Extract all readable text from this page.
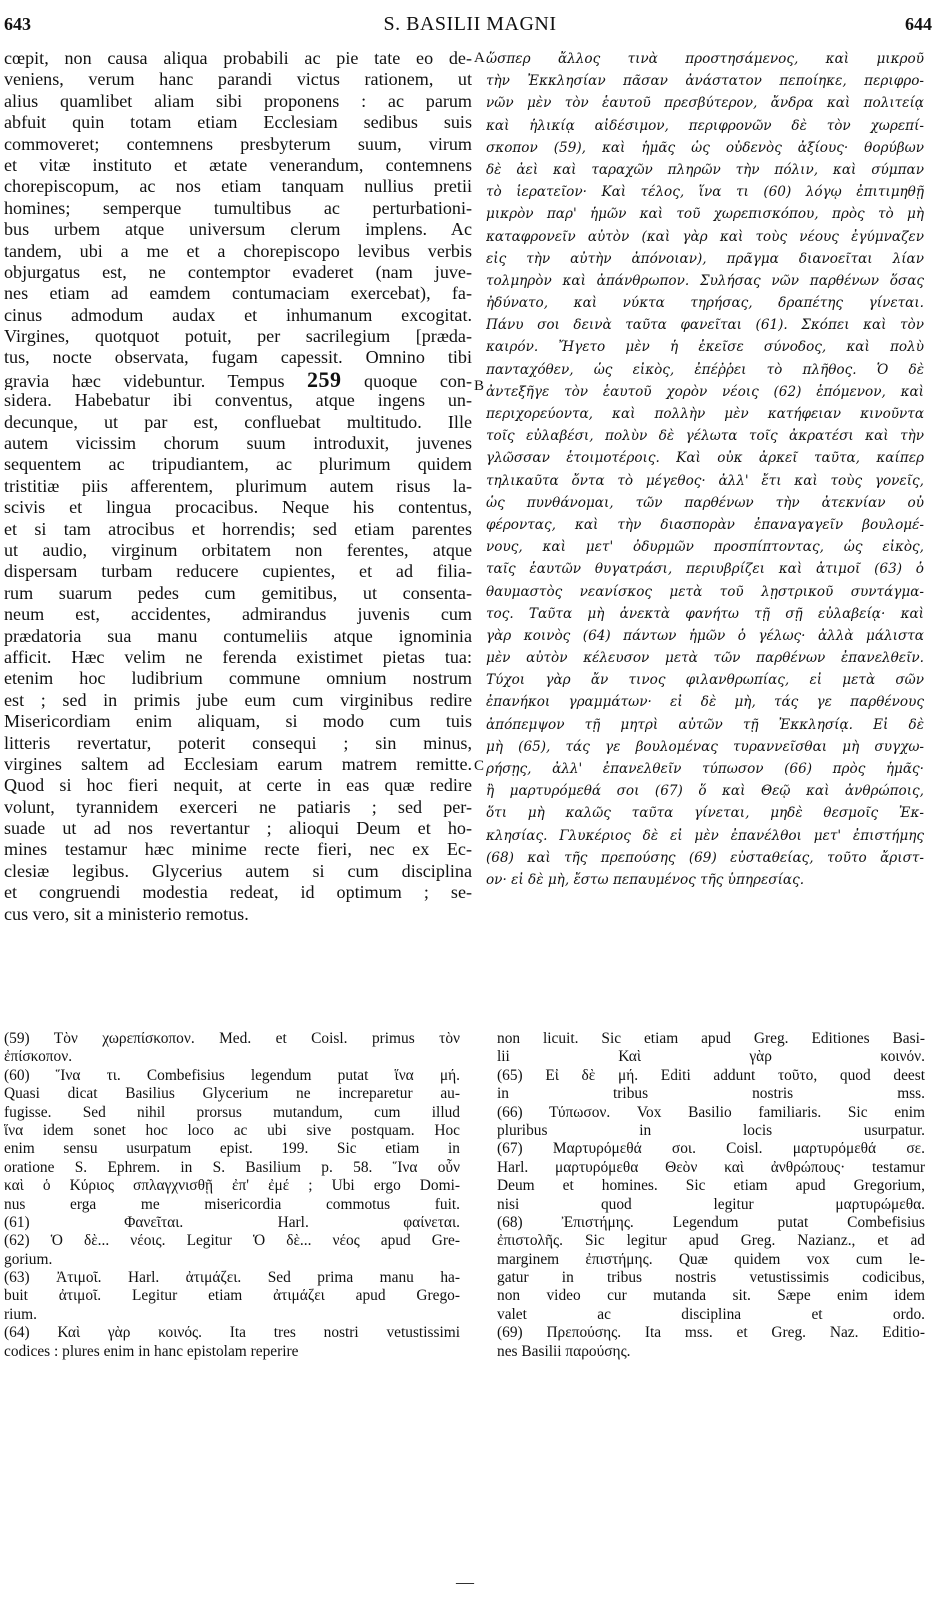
643	S. BASILII MAGNI	644
cœpit, non causa aliqua probabili ac pie tate eo de-
veniens, verum hanc parandi victus rationem, ut
alius quamlibet aliam sibi proponens : ac parum
abfuit quin totam etiam Ecclesiam sedibus suis
commoveret; contemnens presbyterum suum, virum
et vitæ instituto et ætate venerandum, contemnens
chorepiscopum, ac nos etiam tanquam nullius pretii
homines; semperque tumultibus ac perturbationi-
bus urbem atque universum clerum implens. Ac
tandem, ubi a me et a chorepiscopo levibus verbis
objurgatus est, ne contemptor evaderet (nam juve-
nes etiam ad eamdem contumaciam exercebat), fa-
cinus admodum audax et inhumanum excogitat.
Virgines, quotquot potuit, per sacrilegium [præda-
tus, nocte observata, fugam capessit. Omnino tibi
gravia hæc videbuntur. Tempus 259 quoque con-
sidera. Habebatur ibi conventus, atque ingens un-
decunque, ut par est, confluebat multitudo. Ille
autem vicissim chorum suum introduxit, juvenes
sequentem ac tripudiantem, ac plurimum quidem
tristitiæ piis afferentem, plurimum autem risus la-
scivis et lingua procacibus. Neque his contentus,
et si tam atrocibus et horrendis; sed etiam parentes
ut audio, virginum orbitatem non ferentes, atque
dispersam turbam reducere cupientes, et ad filia-
rum suarum pedes cum gemitibus, ut consenta-
neum est, accidentes, admirandus juvenis cum
prædatoria sua manu contumeliis atque ignominia
afficit. Hæc velim ne ferenda existimet pietas tua:
etenim hoc ludibrium commune omnium nostrum
est ; sed in primis jube eum cum virginibus redire
Misericordiam enim aliquam, si modo cum tuis
litteris revertatur, poterit consequi ; sin minus,
virgines saltem ad Ecclesiam earum matrem remitte.
Quod si hoc fieri nequit, at certe in eas quæ redire
volunt, tyrannidem exerceri ne patiaris ; sed per-
suade ut ad nos revertantur ; alioqui Deum et ho-
mines testamur hæc minime recte fieri, nec ex Ec-
clesiæ legibus. Glycerius autem si cum disciplina
et congruendi modestia redeat, id optimum ; se-
cus vero, sit a ministerio remotus.
A
B
C
ὥσπερ ἄλλος τινὰ προστησάμενος, καὶ μικροῦ
τὴν Ἐκκλησίαν πᾶσαν ἀνάστατον πεποίηκε, περιφρο-
νῶν μὲν τὸν ἑαυτοῦ πρεσβύτερον, ἄνδρα καὶ πολιτείᾳ
καὶ ἡλικίᾳ αἰδέσιμον, περιφρονῶν δὲ τὸν χωρεπί-
σκοπον (59), καὶ ἡμᾶς ὡς οὐδενὸς ἀξίους· θορύβων
δὲ ἀεὶ καὶ ταραχῶν πληρῶν τὴν πόλιν, καὶ σύμπαν
τὸ ἱερατεῖον· Καὶ τέλος, ἵνα τι (60) λόγῳ ἐπιτιμηθῇ
μικρὸν παρ' ἡμῶν καὶ τοῦ χωρεπισκόπου, πρὸς τὸ μὴ
καταφρονεῖν αὐτὸν (καὶ γὰρ καὶ τοὺς νέους ἐγύμναζεν
εἰς τὴν αὐτὴν ἀπόνοιαν), πρᾶγμα διανοεῖται λίαν
τολμηρὸν καὶ ἀπάνθρωπον. Συλήσας νῶν παρθένων ὅσας
ἠδύνατο, καὶ νύκτα τηρήσας, δραπέτης γίνεται.
Πάνυ σοι δεινὰ ταῦτα φανεῖται (61). Σκόπει καὶ τὸν
καιρόν. Ἤγετο μὲν ἡ ἐκεῖσε σύνοδος, καὶ πολὺ
πανταχόθεν, ὡς εἰκὸς, ἐπέῤῥει τὸ πλῆθος. Ὁ δὲ
ἀντεξῆγε τὸν ἑαυτοῦ χορὸν νέοις (62) ἑπόμενον, καὶ
περιχορεύοντα, καὶ πολλὴν μὲν κατήφειαν κινοῦντα
τοῖς εὐλαβέσι, πολὺν δὲ γέλωτα τοῖς ἀκρατέσι καὶ τὴν
γλῶσσαν ἑτοιμοτέροις. Καὶ οὐκ ἀρκεῖ ταῦτα, καίπερ
τηλικαῦτα ὄντα τὸ μέγεθος· ἀλλ' ἔτι καὶ τοὺς γονεῖς,
ὡς πυνθάνομαι, τῶν παρθένων τὴν ἀτεκνίαν οὐ
φέροντας, καὶ τὴν διασπορὰν ἐπαναγαγεῖν βουλομέ-
νους, καὶ μετ' ὀδυρμῶν προσπίπτοντας, ὡς εἰκὸς,
ταῖς ἑαυτῶν θυγατράσι, περιυβρίζει καὶ ἀτιμοῖ (63) ὁ
θαυμαστὸς νεανίσκος μετὰ τοῦ λῃστρικοῦ συντάγμα-
τος. Ταῦτα μὴ ἀνεκτὰ φανήτω τῇ σῇ εὐλαβείᾳ· καὶ
γὰρ κοινὸς (64) πάντων ἡμῶν ὁ γέλως· ἀλλὰ μάλιστα
μὲν αὐτὸν κέλευσον μετὰ τῶν παρθένων ἐπανελθεῖν.
Τύχοι γὰρ ἄν τινος φιλανθρωπίας, εἰ μετὰ σῶν
ἐπανήκοι γραμμάτων· εἰ δὲ μὴ, τάς γε παρθένους
ἀπόπεμψον τῇ μητρὶ αὐτῶν τῇ Ἐκκλησίᾳ. Εἰ δὲ
μὴ (65), τάς γε βουλομένας τυραννεῖσθαι μὴ συγχω-
ρήσῃς, ἀλλ' ἐπανελθεῖν τύπωσον (66) πρὸς ἡμᾶς·
ἢ μαρτυρόμεθά σοι (67) ὅ καὶ Θεῷ καὶ ἀνθρώποις,
ὅτι μὴ καλῶς ταῦτα γίνεται, μηδὲ θεσμοῖς Ἐκ-
κλησίας. Γλυκέριος δὲ εἰ μὲν ἐπανέλθοι μετ' ἐπιστήμης
(68) καὶ τῆς πρεπούσης (69) εὐσταθείας, τοῦτο ἄριστ-
ον· εἰ δὲ μὴ, ἔστω πεπαυμένος τῆς ὑπηρεσίας.
(59) Τὸν χωρεπίσκοπον. Med. et Coisl. primus τὸν
ἐπίσκοπον.
(60) Ἵνα τι. Combefisius legendum putat ἵνα μή.
Quasi dicat Basilius Glycerium ne increparetur au-
fugisse. Sed nihil prorsus mutandum, cum illud
ἵνα idem sonet hoc loco ac ubi sive postquam. Hoc
enim sensu usurpatum epist. 199. Sic etiam in
oratione S. Ephrem. in S. Basilium p. 58. Ἵνα οὖν
καὶ ὁ Κύριος σπλαγχνισθῇ ἐπ' ἐμέ ; Ubi ergo Domi-
nus erga me misericordia commotus fuit.
(61) Φανεῖται. Harl. φαίνεται.
(62) Ὁ δὲ... νέοις. Legitur Ὁ δὲ... νέος apud Gre-
gorium.
(63) Ἀτιμοῖ. Harl. ἀτιμάζει. Sed prima manu ha-
buit ἀτιμοῖ. Legitur etiam ἀτιμάζει apud Grego-
rium.
(64) Καὶ γὰρ κοινός. Ita tres nostri vetustissimi
codices : plures enim in hanc epistolam reperire
non licuit. Sic etiam apud Greg. Editiones Basi-
lii Καὶ γὰρ κοινόν.
(65) Εἰ δὲ μή. Editi addunt τοῦτο, quod deest
in tribus nostris mss.
(66) Τύπωσον. Vox Basilio familiaris. Sic enim
pluribus in locis usurpatur.
(67) Μαρτυρόμεθά σοι. Coisl. μαρτυρόμεθά σε.
Harl. μαρτυρόμεθα Θεὸν καὶ ἀνθρώπους· testamur
Deum et homines. Sic etiam apud Gregorium,
nisi quod legitur μαρτυρώμεθα.
(68) Ἐπιστήμης. Legendum putat Combefisius
ἐπιστολῆς. Sic legitur apud Greg. Nazianz., et ad
marginem ἐπιστήμης. Quæ quidem vox cum le-
gatur in tribus nostris vetustissimis codicibus,
non video cur mutanda sit. Sæpe enim idem
valet ac disciplina et ordo.
(69) Πρεπούσης. Ita mss. et Greg. Naz. Editio-
nes Basilii παρούσης.
—
